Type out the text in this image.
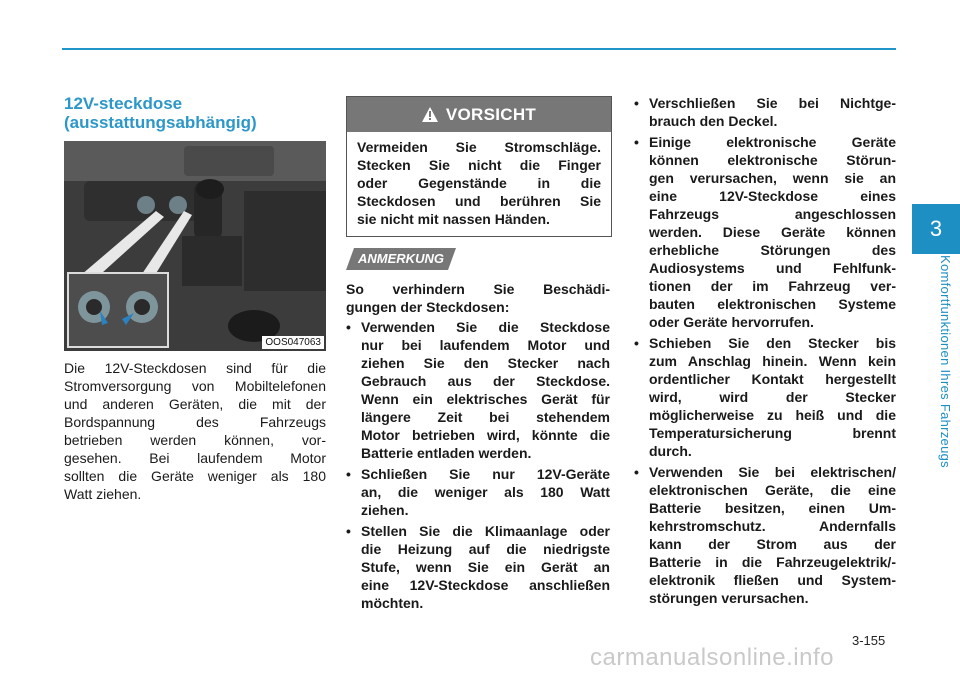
3
Komfortfunktionen Ihres Fahrzeugs
12V-steckdose
(ausstattungsabhängig)
OOS047063
Die 12V-Steckdosen sind für die
Stromversorgung von Mobiltelefonen
und anderen Geräten, die mit der
Bordspannung des Fahrzeugs
betrieben werden können, vor-
gesehen. Bei laufendem Motor
sollten die Geräte weniger als 180
Watt ziehen.
VORSICHT
Vermeiden Sie Stromschläge.
Stecken Sie nicht die Finger
oder Gegenstände in die
Steckdosen und berühren Sie
sie nicht mit nassen Händen.
ANMERKUNG
So verhindern Sie Beschädi-
gungen der Steckdosen:
• Verwenden Sie die Steckdose
nur bei laufendem Motor und
ziehen Sie den Stecker nach
Gebrauch aus der Steckdose.
Wenn ein elektrisches Gerät für
längere Zeit bei stehendem
Motor betrieben wird, könnte die
Batterie entladen werden.
• Schließen Sie nur 12V-Geräte
an, die weniger als 180 Watt
ziehen.
• Stellen Sie die Klimaanlage oder
die Heizung auf die niedrigste
Stufe, wenn Sie ein Gerät an
eine 12V-Steckdose anschließen
möchten.
• Verschließen Sie bei Nichtge-
brauch den Deckel.
• Einige elektronische Geräte
können elektronische Störun-
gen verursachen, wenn sie an
eine 12V-Steckdose eines
Fahrzeugs angeschlossen
werden. Diese Geräte können
erhebliche Störungen des
Audiosystems und Fehlfunk-
tionen der im Fahrzeug ver-
bauten elektronischen Systeme
oder Geräte hervorrufen.
• Schieben Sie den Stecker bis
zum Anschlag hinein. Wenn kein
ordentlicher Kontakt hergestellt
wird, wird der Stecker
möglicherweise zu heiß und die
Temperatursicherung brennt
durch.
• Verwenden Sie bei elektrischen/
elektronischen Geräte, die eine
Batterie besitzen, einen Um-
kehrstromschutz. Andernfalls
kann der Strom aus der
Batterie in die Fahrzeugelektrik/-
elektronik fließen und System-
störungen verursachen.
3-155
carmanualsonline.info
